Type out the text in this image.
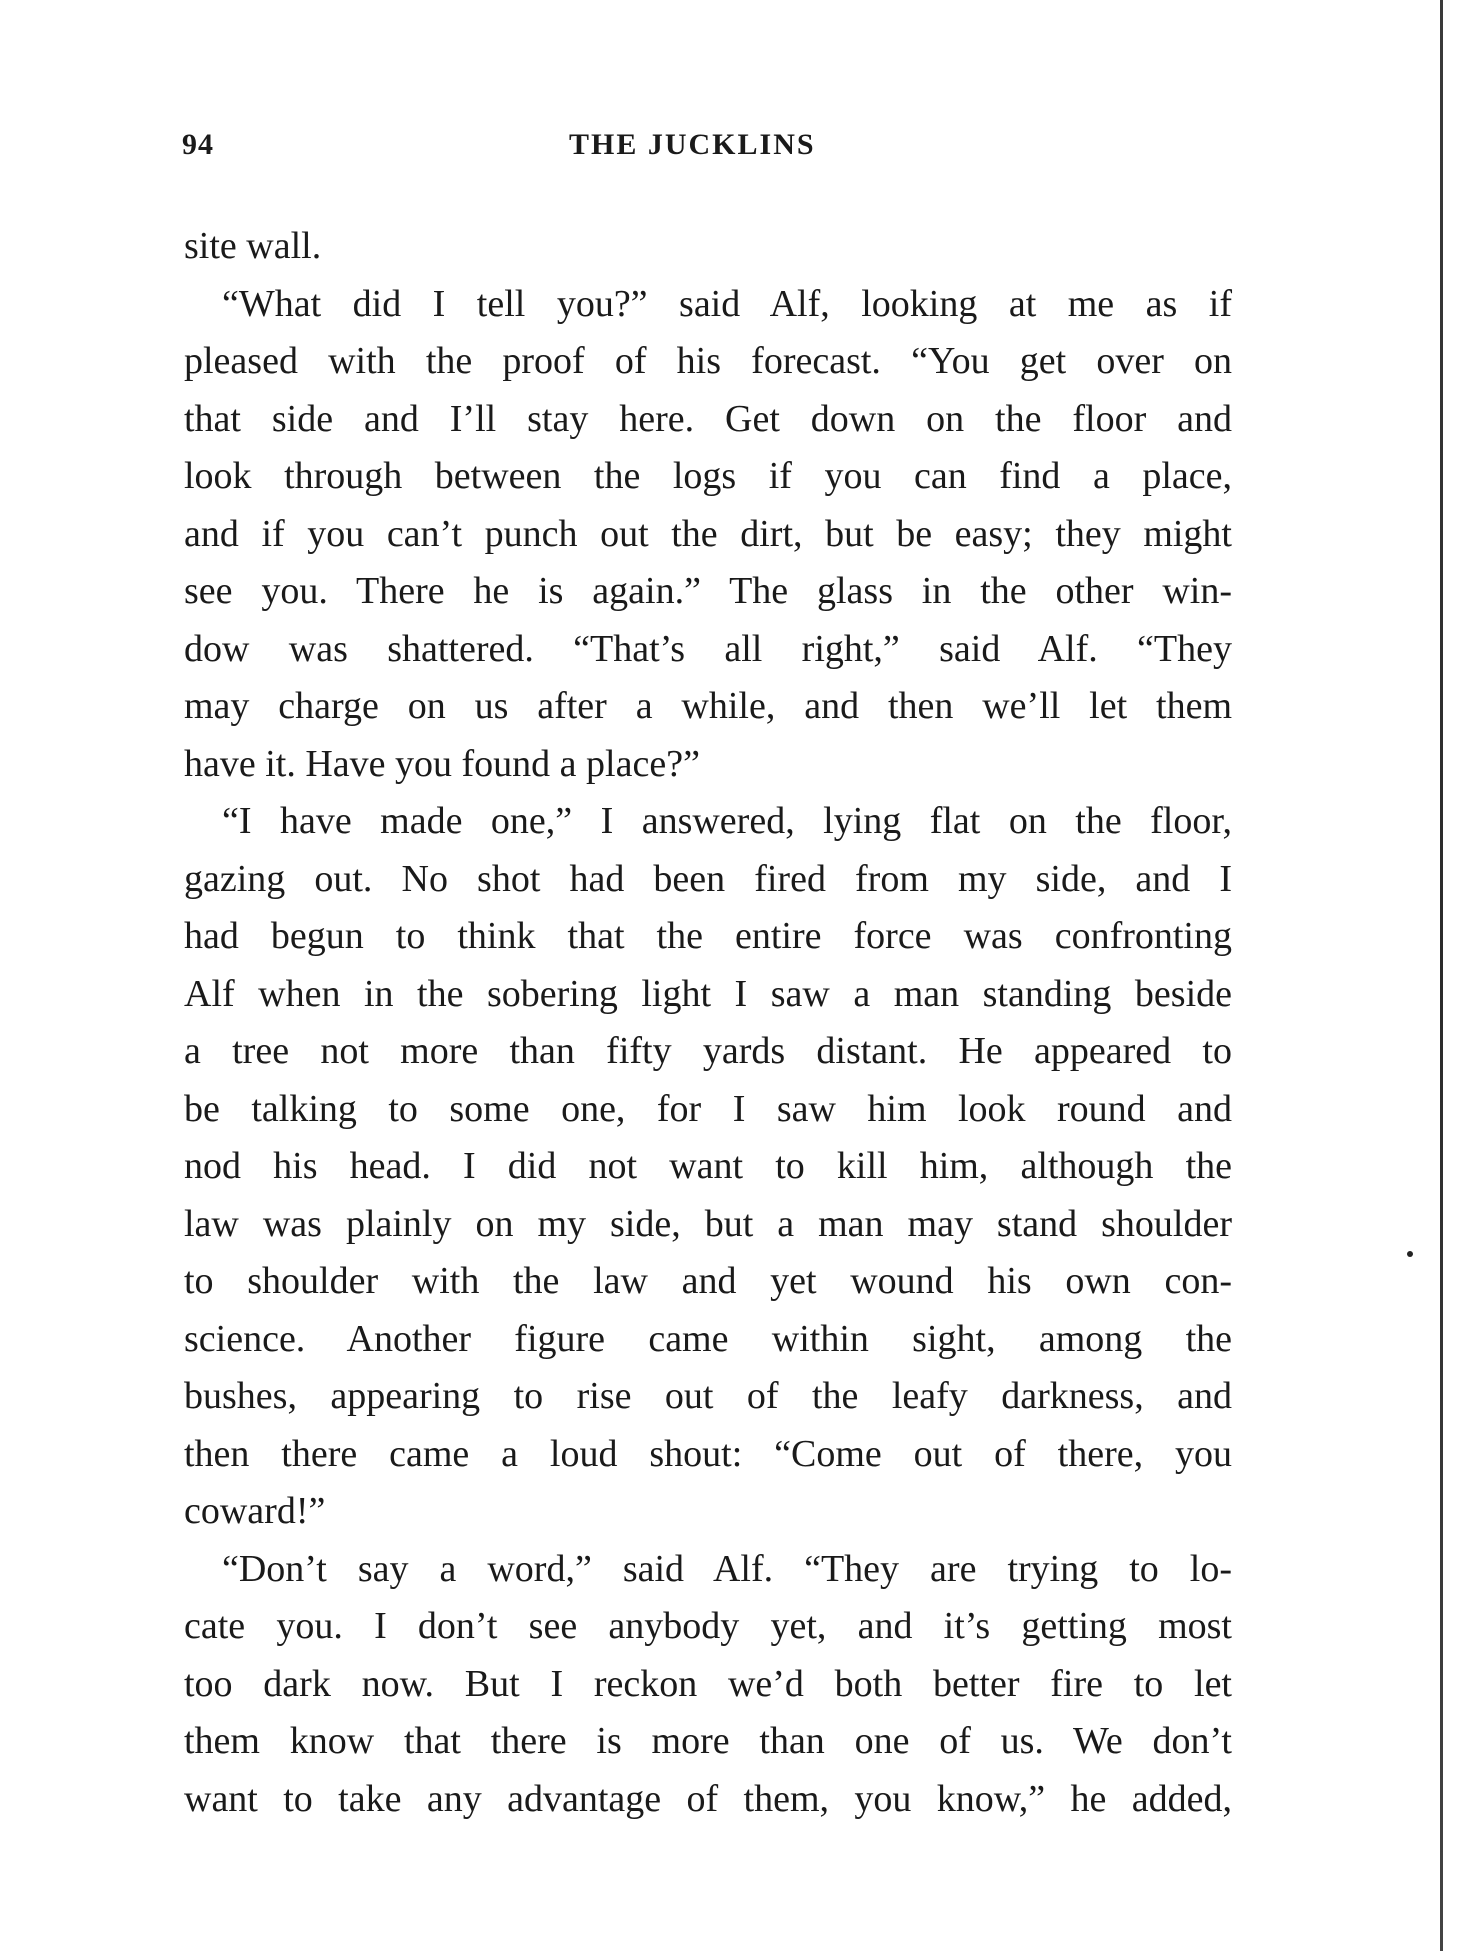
94	THE JUCKLINS
site wall.
“What did I tell you?” said Alf, looking at me as if
pleased with the proof of his forecast. “You get over on
that side and I’ll stay here. Get down on the floor and
look through between the logs if you can find a place,
and if you can’t punch out the dirt, but be easy; they might
see you. There he is again.” The glass in the other win-
dow was shattered. “That’s all right,” said Alf. “They
may charge on us after a while, and then we’ll let them
have it. Have you found a place?”
“I have made one,” I answered, lying flat on the floor,
gazing out. No shot had been fired from my side, and I
had begun to think that the entire force was confronting
Alf when in the sobering light I saw a man standing beside
a tree not more than fifty yards distant. He appeared to
be talking to some one, for I saw him look round and
nod his head. I did not want to kill him, although the
law was plainly on my side, but a man may stand shoulder
to shoulder with the law and yet wound his own con-
science. Another figure came within sight, among the
bushes, appearing to rise out of the leafy darkness, and
then there came a loud shout: “Come out of there, you
coward!”
“Don’t say a word,” said Alf. “They are trying to lo-
cate you. I don’t see anybody yet, and it’s getting most
too dark now. But I reckon we’d both better fire to let
them know that there is more than one of us. We don’t
want to take any advantage of them, you know,” he added,
